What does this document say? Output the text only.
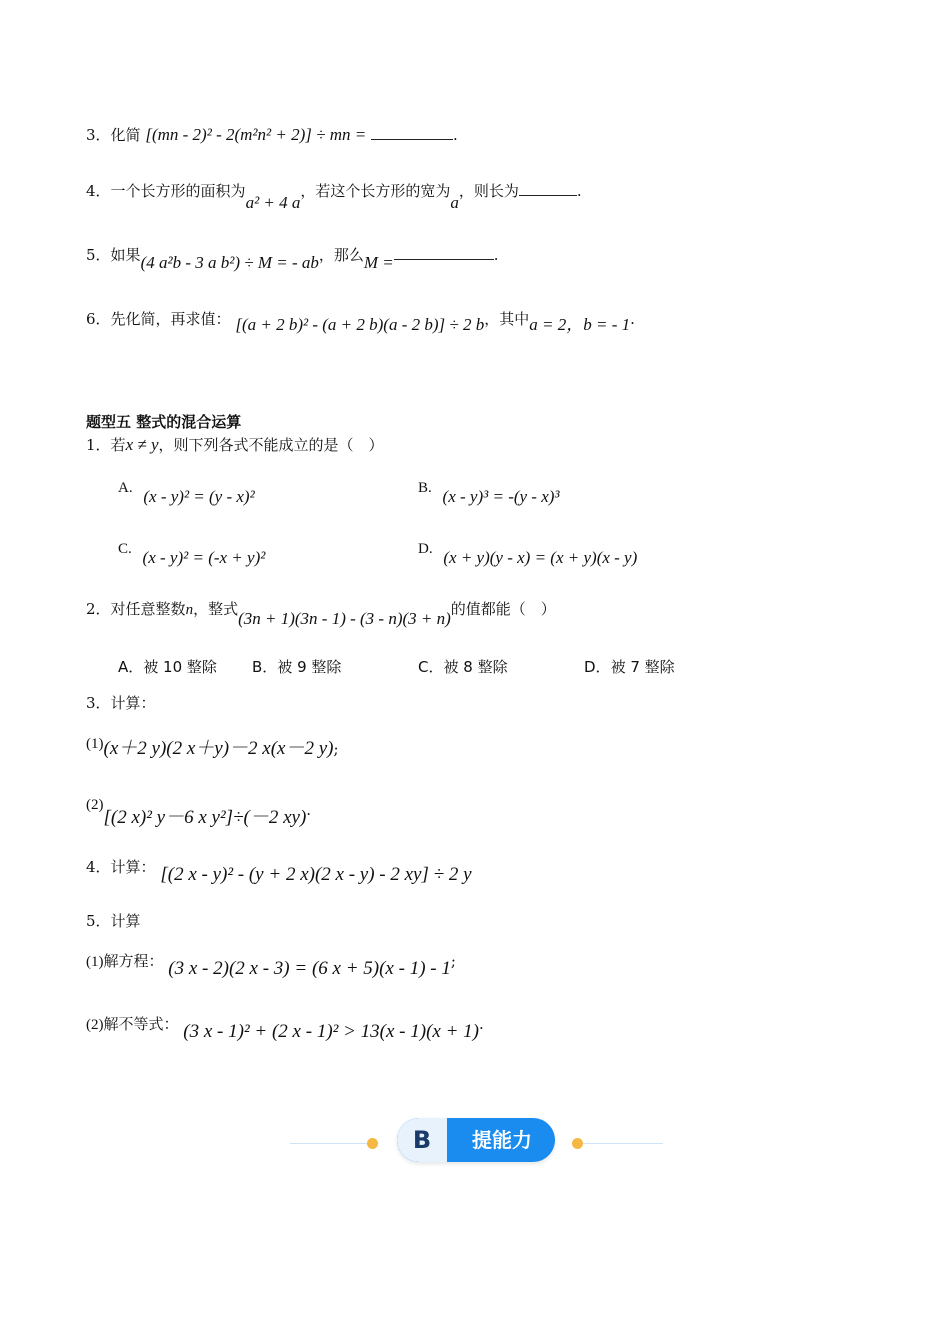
3．化简 [(mn - 2)² - 2(m²n² + 2)] ÷ mn =	.
4．一个长方形的面积为a² + 4 a，若这个长方形的宽为a，则长为	.
5．如果(4 a²b - 3 a b²) ÷ M = - ab，那么M =	.
6．先化简，再求值： [(a + 2 b)² - (a + 2 b)(a - 2 b)] ÷ 2 b，其中a = 2，b = - 1.
题型五 整式的混合运算
1．若x ≠ y，则下列各式不能成立的是（　）
A. (x - y)² = (y - x)²	B. (x - y)³ = -(y - x)³
C. (x - y)² = (-x + y)²	D. (x + y)(y - x) = (x + y)(x - y)
2．对任意整数n，整式(3n + 1)(3n - 1) - (3 - n)(3 + n)的值都能（　）
A．被 10 整除 B．被 9 整除	C．被 8 整除	D．被 7 整除
3．计算：
(1)(x＋2 y)(2 x＋y)－2 x(x－2 y);
(2)[(2 x)² y－6 x y²]÷(－2 xy).
4．计算： [(2 x - y)² - (y + 2 x)(2 x - y) - 2 xy] ÷ 2 y
5．计算
(1)解方程： (3 x - 2)(2 x - 3) = (6 x + 5)(x - 1) - 1;
(2)解不等式： (3 x - 1)² + (2 x - 1)² > 13(x - 1)(x + 1).
B	提能力
